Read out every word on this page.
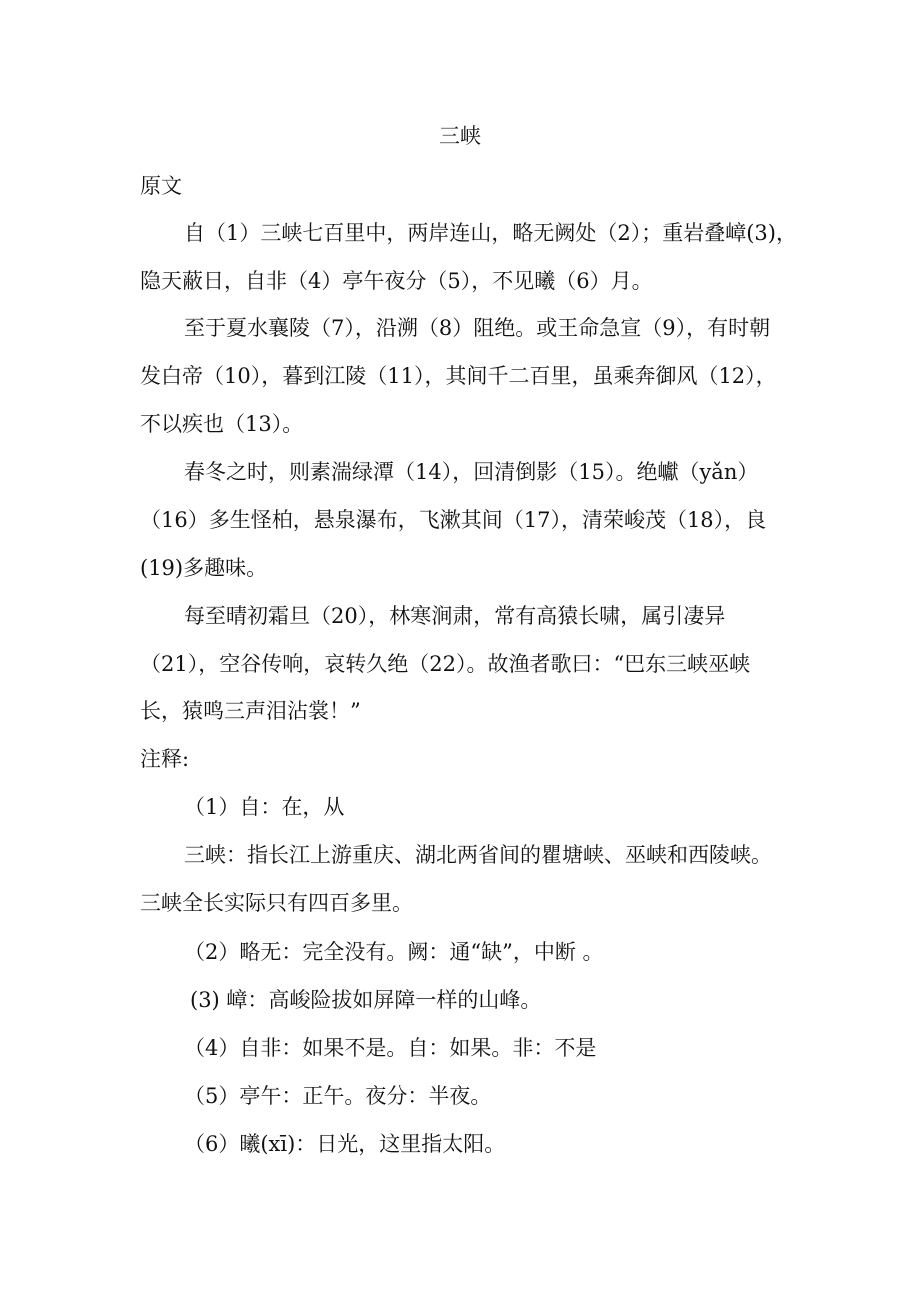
三峡
原文
自（1）三峡七百里中，两岸连山，略无阙处（2）；重岩叠嶂(3)，
隐天蔽日，自非（4）亭午夜分（5），不见曦（6）月。
至于夏水襄陵（7），沿溯（8）阻绝。或王命急宣（9），有时朝
发白帝（10），暮到江陵（11），其间千二百里，虽乘奔御风（12），
不以疾也（13）。
春冬之时，则素湍绿潭（14），回清倒影（15）。绝巘（yǎn）
（16）多生怪柏，悬泉瀑布，飞漱其间（17），清荣峻茂（18），良
(19)多趣味。
每至晴初霜旦（20），林寒涧肃，常有高猿长啸，属引凄异
（21），空谷传响，哀转久绝（22）。故渔者歌曰：“巴东三峡巫峡
长，猿鸣三声泪沾裳！”
注释:
（1）自：在，从
三峡：指长江上游重庆、湖北两省间的瞿塘峡、巫峡和西陵峡。
三峡全长实际只有四百多里。
（2）略无：完全没有。阙：通“缺”，中断 。
(3) 嶂：高峻险拔如屏障一样的山峰。
（4）自非：如果不是。自：如果。非：不是
（5）亭午：正午。夜分：半夜。
（6）曦(xī)：日光，这里指太阳。
